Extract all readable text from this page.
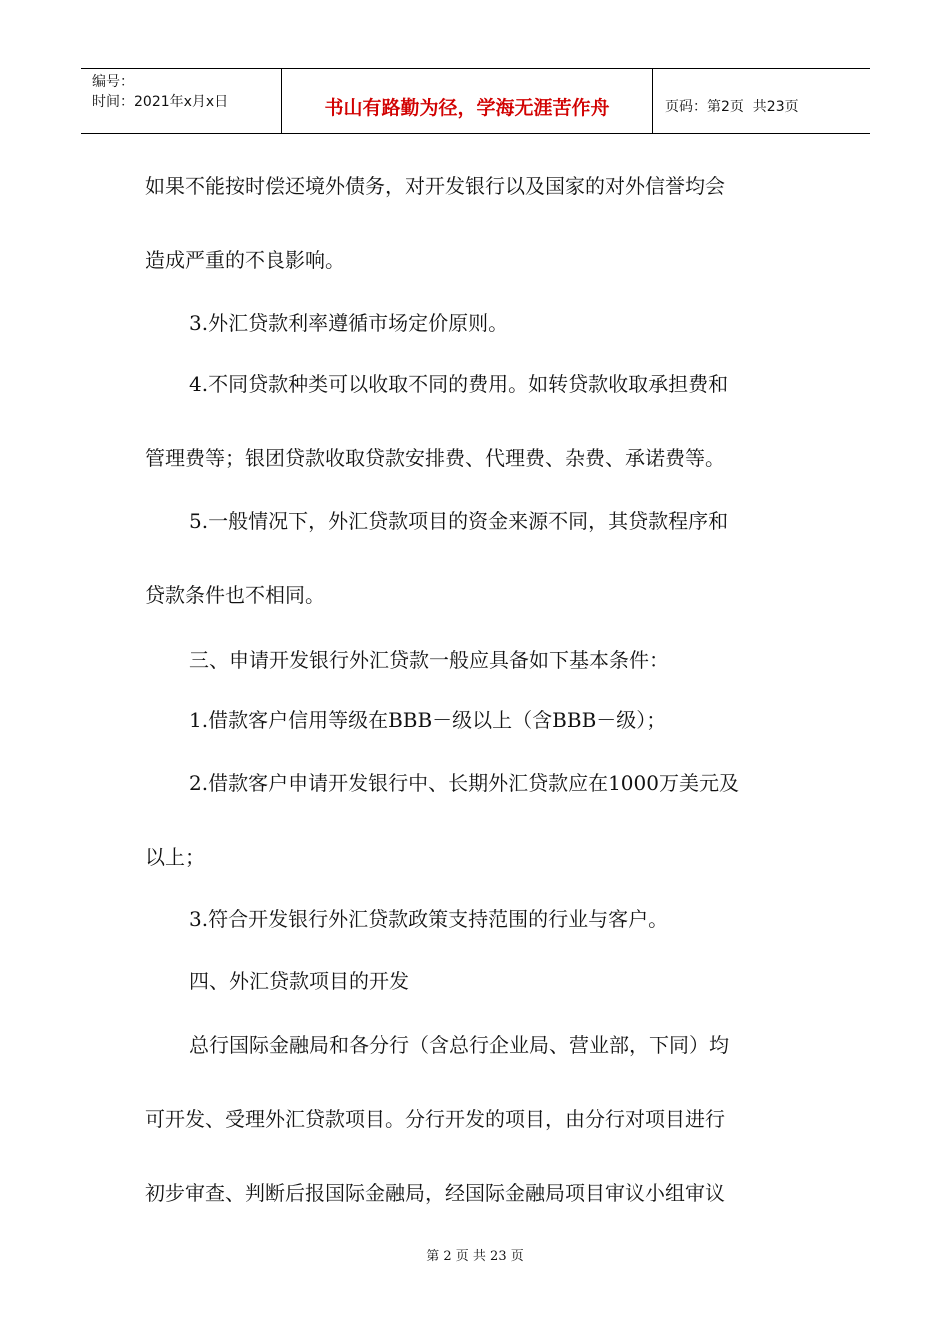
编号：
时间：2021年x月x日	书山有路勤为径，学海无涯苦作舟	页码：第2页  共23页
如果不能按时偿还境外债务，对开发银行以及国家的对外信誉均会
造成严重的不良影响。
3.外汇贷款利率遵循市场定价原则。
4.不同贷款种类可以收取不同的费用。如转贷款收取承担费和
管理费等；银团贷款收取贷款安排费、代理费、杂费、承诺费等。
5.一般情况下，外汇贷款项目的资金来源不同，其贷款程序和
贷款条件也不相同。
三、申请开发银行外汇贷款一般应具备如下基本条件：
1.借款客户信用等级在BBB－级以上（含BBB－级）；
2.借款客户申请开发银行中、长期外汇贷款应在1000万美元及
以上；
3.符合开发银行外汇贷款政策支持范围的行业与客户。
四、外汇贷款项目的开发
总行国际金融局和各分行（含总行企业局、营业部，下同）均
可开发、受理外汇贷款项目。分行开发的项目，由分行对项目进行
初步审查、判断后报国际金融局，经国际金融局项目审议小组审议
第 2 页 共 23 页
